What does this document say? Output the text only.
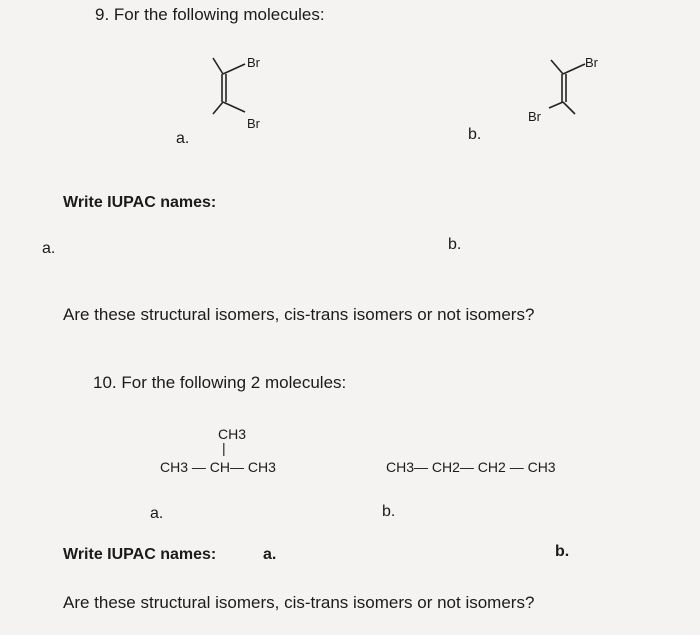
9. For the following molecules:
Br
Br
a.
Br
Br
b.
Write IUPAC names:
a.	b.
Are these structural isomers, cis-trans isomers or not isomers?
10. For the following 2 molecules:
CH3
|
CH3 — CH— CH3
a.
CH3— CH2— CH2 — CH3
b.
Write IUPAC names:	a.	b.
Are these structural isomers, cis-trans isomers or not isomers?
